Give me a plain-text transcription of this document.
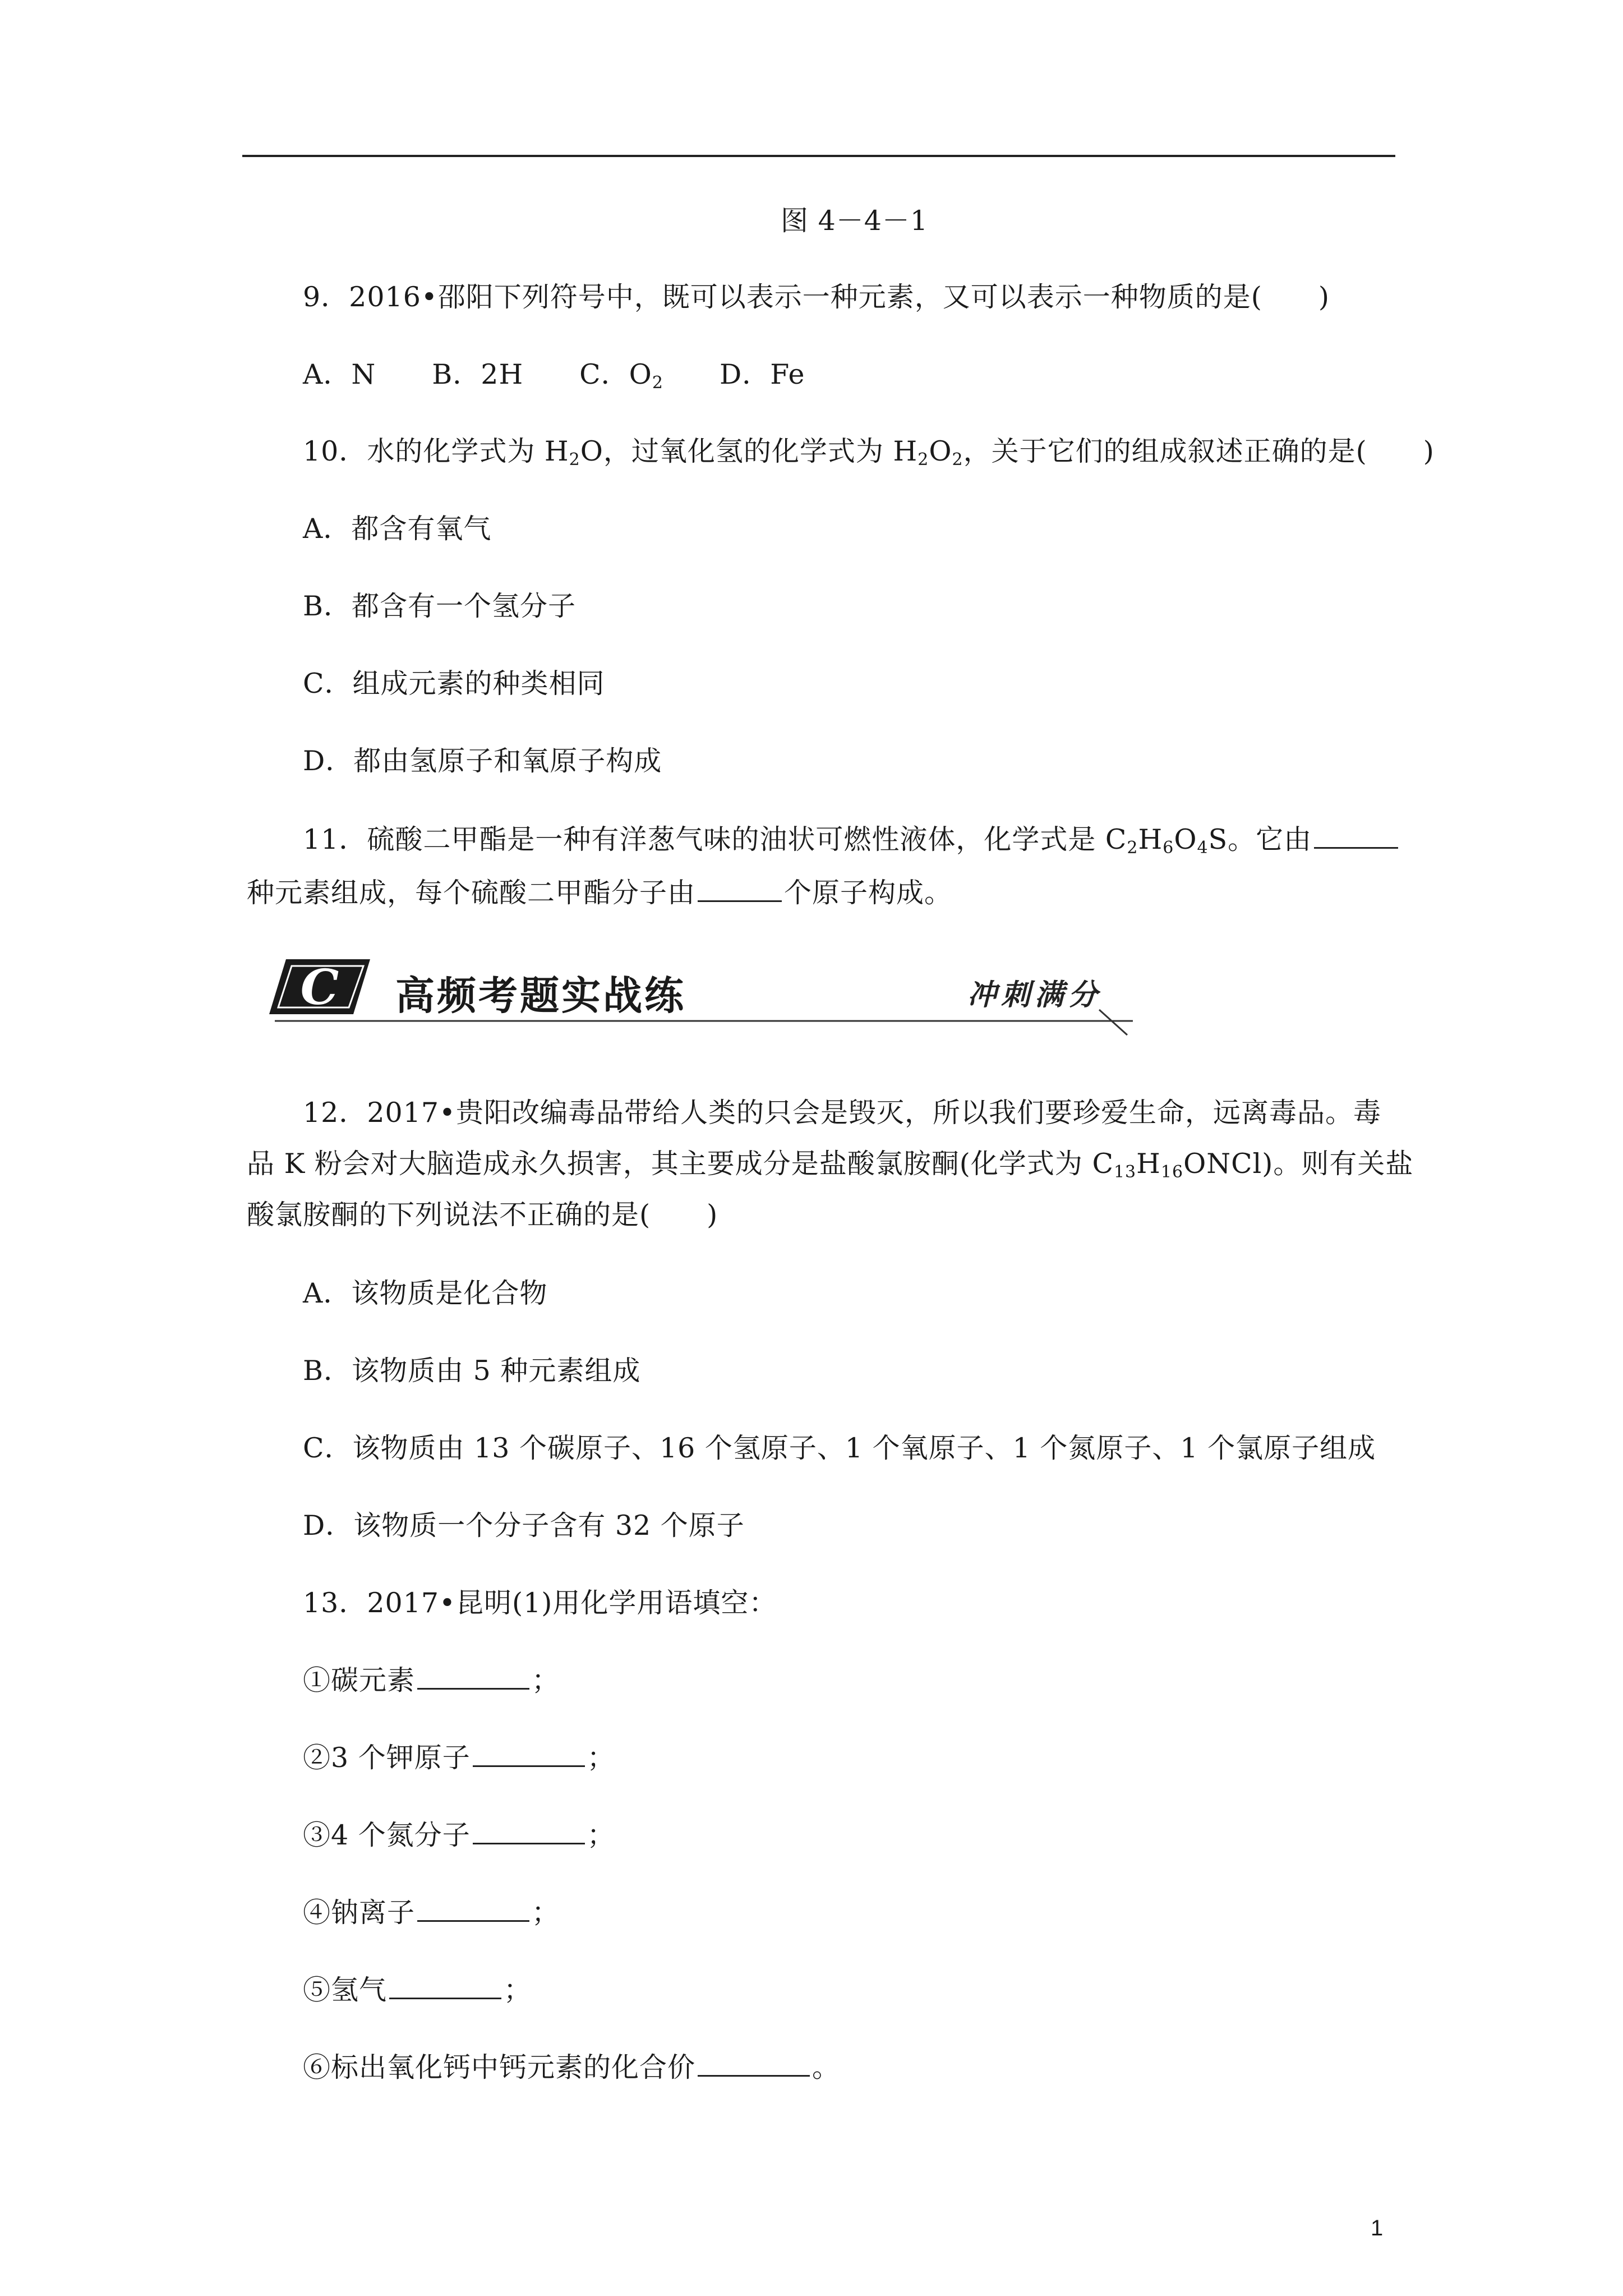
图 4－4－1
9．2016•邵阳下列符号中，既可以表示一种元素，又可以表示一种物质的是(　　)
A．N　　B．2H　　C．$O_2$　　D．Fe
10．水的化学式为 $H_2O$，过氧化氢的化学式为 $H_2O_2$，关于它们的组成叙述正确的是(　　)
A．都含有氧气
B．都含有一个氢分子
C．组成元素的种类相同
D．都由氢原子和氧原子构成
11．硫酸二甲酯是一种有洋葱气味的油状可燃性液体，化学式是 $C_2H_6O_4S$。它由
种元素组成，每个硫酸二甲酯分子由	个原子构成。
C 高频考题实战练	冲刺满分
12．2017•贵阳改编毒品带给人类的只会是毁灭，所以我们要珍爱生命，远离毒品。毒
品 K 粉会对大脑造成永久损害，其主要成分是盐酸氯胺酮(化学式为 $C_{13}H_{16}ONCl$)。则有关盐
酸氯胺酮的下列说法不正确的是(　　)
A．该物质是化合物
B．该物质由 5 种元素组成
C．该物质由 13 个碳原子、16 个氢原子、1 个氧原子、1 个氮原子、1 个氯原子组成
D．该物质一个分子含有 32 个原子
13．2017•昆明(1)用化学用语填空：
①碳元素	；
②3 个钾原子	；
③4 个氮分子	；
④钠离子	；
⑤氢气	；
⑥标出氧化钙中钙元素的化合价	。
1
